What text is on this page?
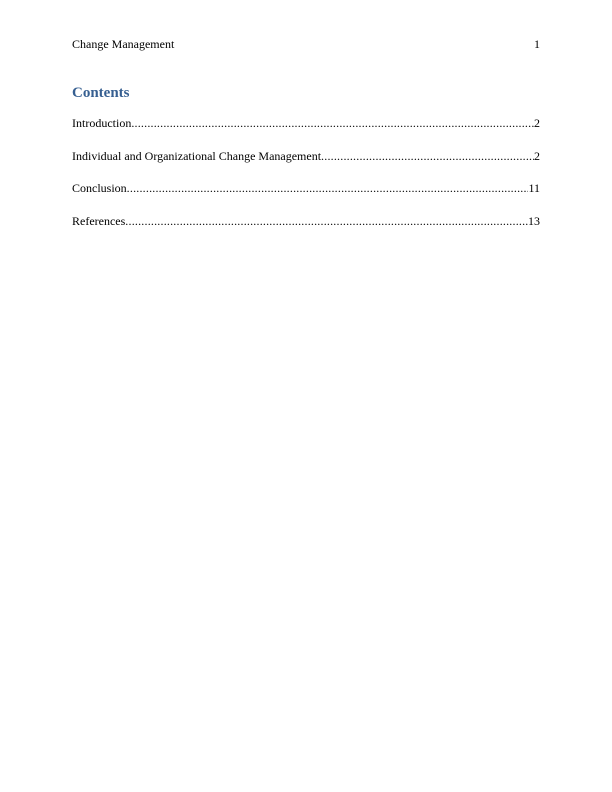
Change Management	1
Contents
Introduction .....	2
Individual and Organizational Change Management .....	2
Conclusion .....	11
References .....	13
